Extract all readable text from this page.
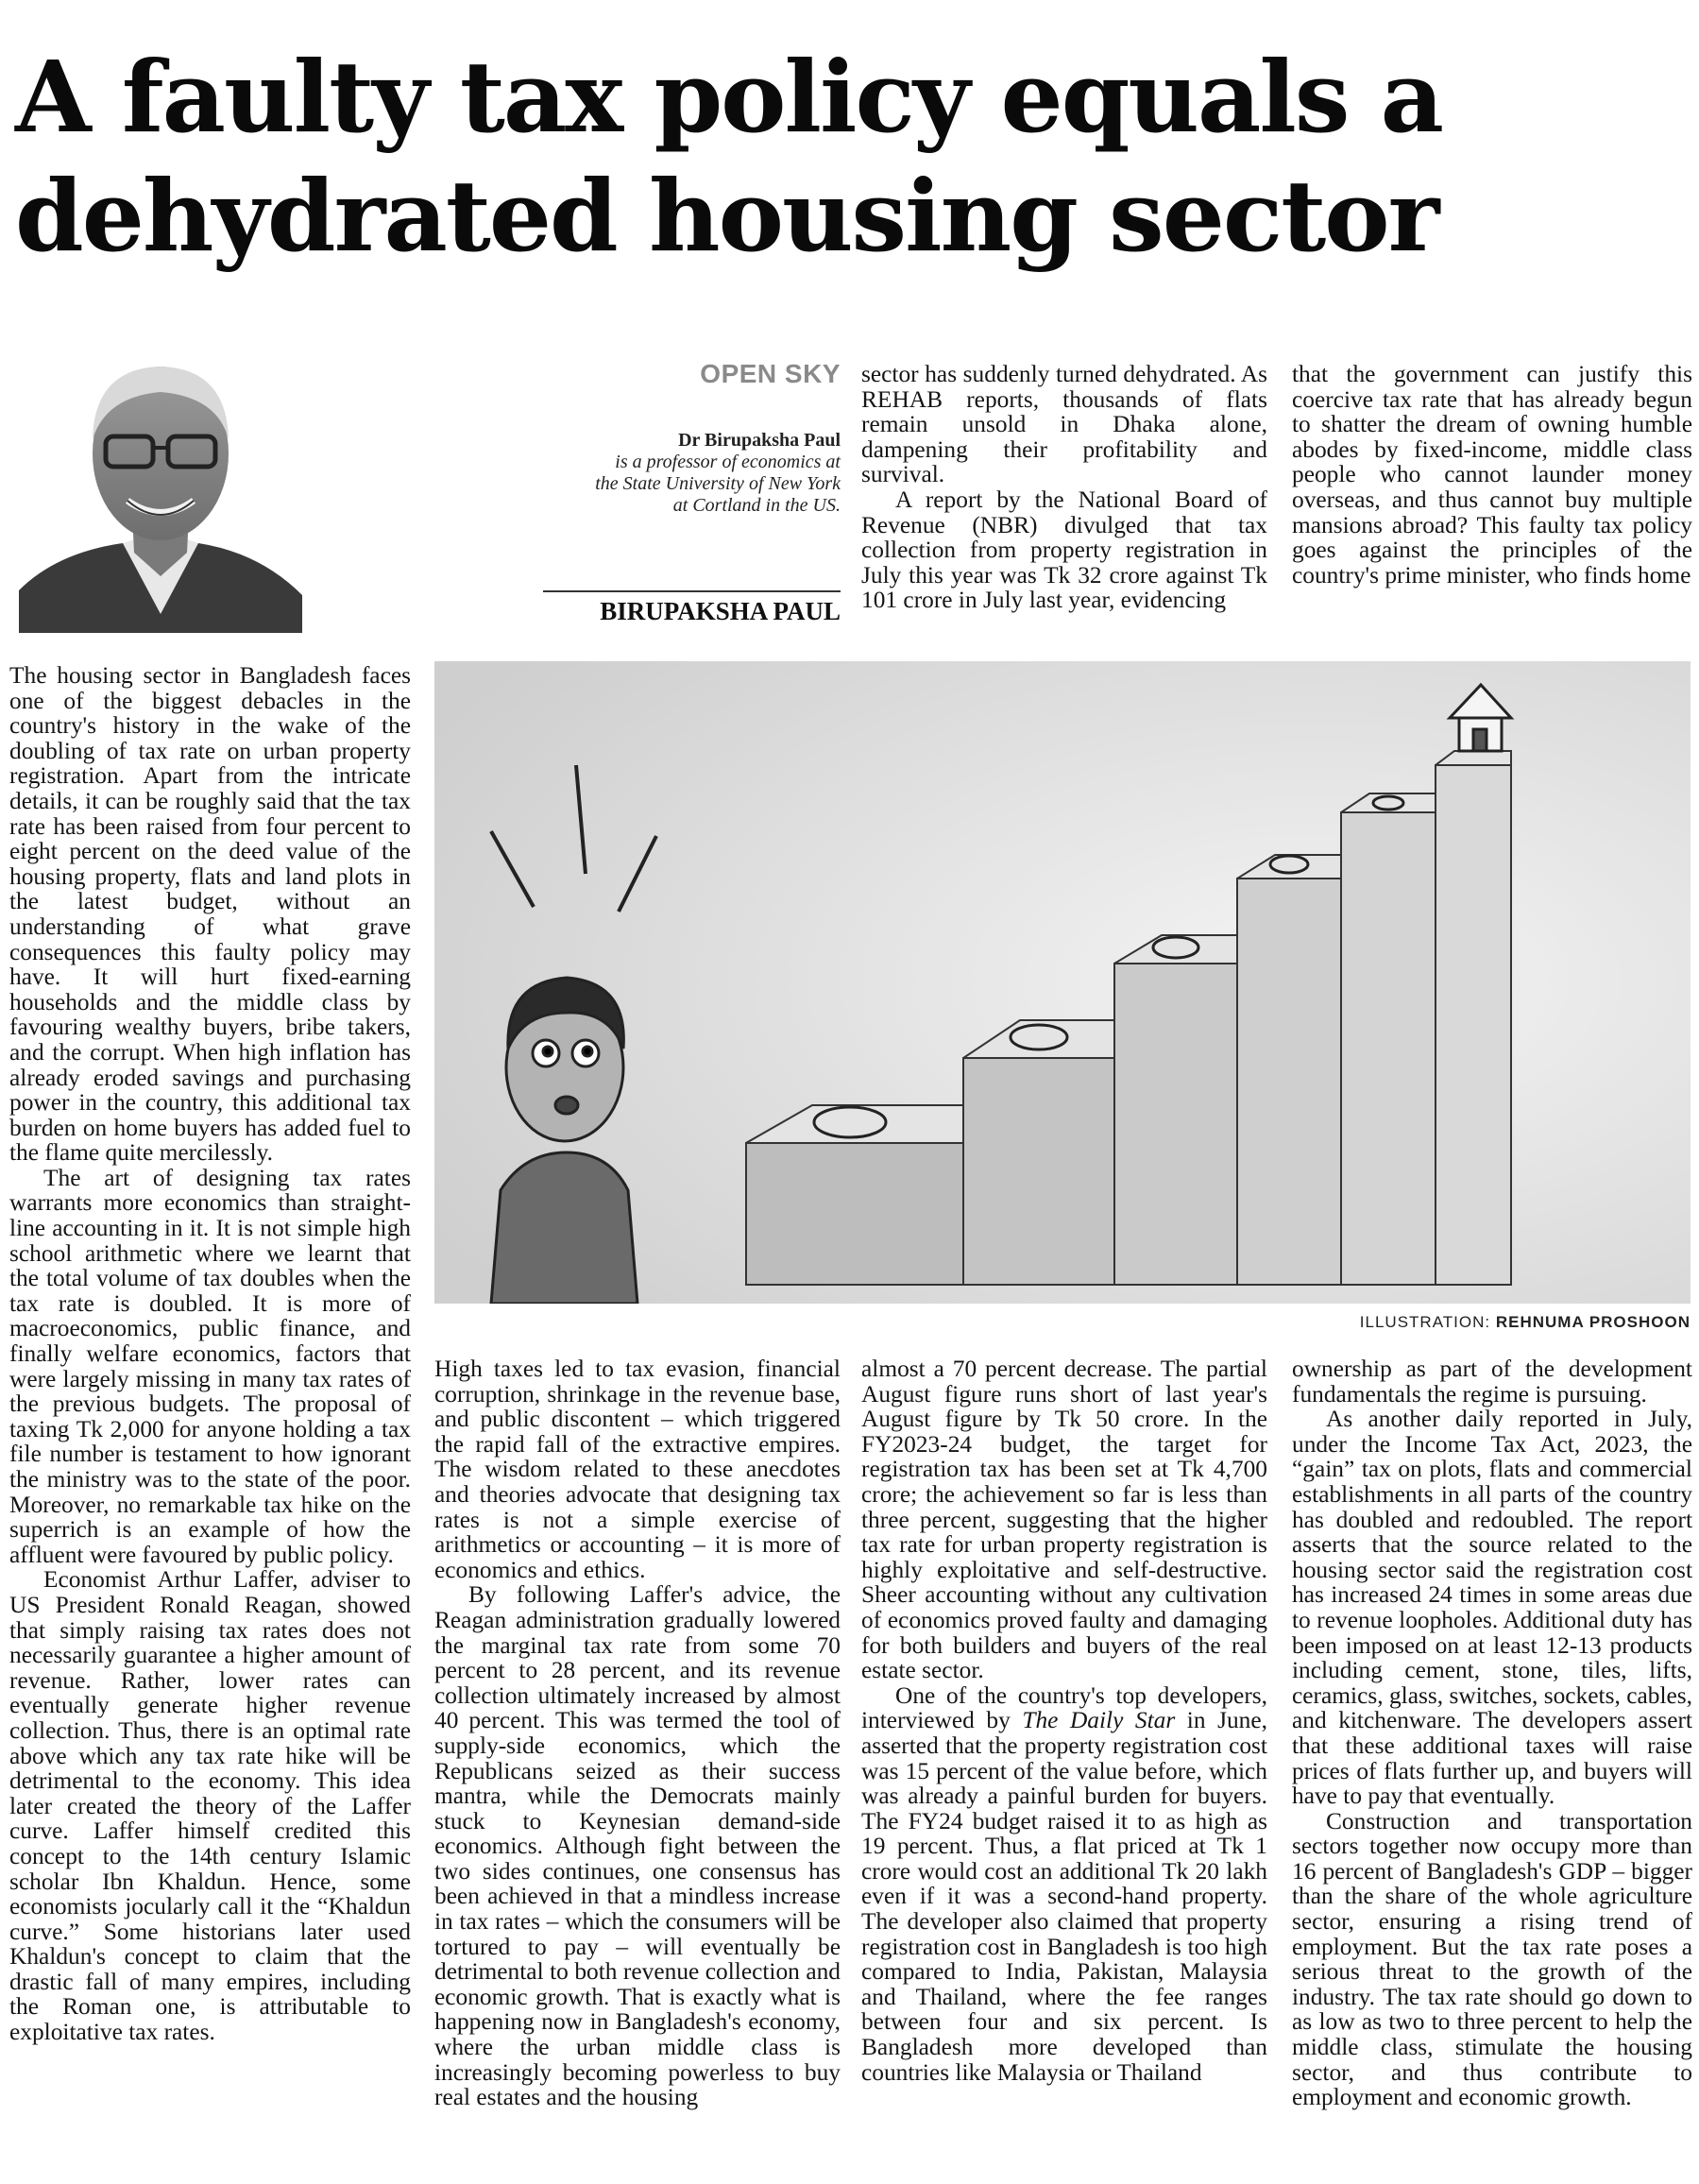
A faulty tax policy equals a
dehydrated housing sector
OPEN SKY
Dr Birupaksha Paul
is a professor of economics at
the State University of New York
at Cortland in the US.
BIRUPAKSHA PAUL

sector has suddenly turned dehydrated. As REHAB reports, thousands of flats remain unsold in Dhaka alone, dampening their profitability and survival.

A report by the National Board of Revenue (NBR) divulged that tax collection from property registration in July this year was Tk 32 crore against Tk 101 crore in July last year, evidencing

that the government can justify this coercive tax rate that has already begun to shatter the dream of owning humble abodes by fixed-income, middle class people who cannot launder money overseas, and thus cannot buy multiple mansions abroad? This faulty tax policy goes against the principles of the country's prime minister, who finds home

The housing sector in Bangladesh faces one of the biggest debacles in the country's history in the wake of the doubling of tax rate on urban property registration. Apart from the intricate details, it can be roughly said that the tax rate has been raised from four percent to eight percent on the deed value of the housing property, flats and land plots in the latest budget, without an understanding of what grave consequences this faulty policy may have. It will hurt fixed-earning households and the middle class by favouring wealthy buyers, bribe takers, and the corrupt. When high inflation has already eroded savings and purchasing power in the country, this additional tax burden on home buyers has added fuel to the flame quite mercilessly.

The art of designing tax rates warrants more economics than straight-line accounting in it. It is not simple high school arithmetic where we learnt that the total volume of tax doubles when the tax rate is doubled. It is more of macroeconomics, public finance, and finally welfare economics, factors that were largely missing in many tax rates of the previous budgets. The proposal of taxing Tk 2,000 for anyone holding a tax file number is testament to how ignorant the ministry was to the state of the poor. Moreover, no remarkable tax hike on the superrich is an example of how the affluent were favoured by public policy.

Economist Arthur Laffer, adviser to US President Ronald Reagan, showed that simply raising tax rates does not necessarily guarantee a higher amount of revenue. Rather, lower rates can eventually generate higher revenue collection. Thus, there is an optimal rate above which any tax rate hike will be detrimental to the economy. This idea later created the theory of the Laffer curve. Laffer himself credited this concept to the 14th century Islamic scholar Ibn Khaldun. Hence, some economists jocularly call it the “Khaldun curve.” Some historians later used Khaldun's concept to claim that the drastic fall of many empires, including the Roman one, is attributable to exploitative tax rates.

ILLUSTRATION: REHNUMA PROSHOON

High taxes led to tax evasion, financial corruption, shrinkage in the revenue base, and public discontent – which triggered the rapid fall of the extractive empires. The wisdom related to these anecdotes and theories advocate that designing tax rates is not a simple exercise of arithmetics or accounting – it is more of economics and ethics.

By following Laffer's advice, the Reagan administration gradually lowered the marginal tax rate from some 70 percent to 28 percent, and its revenue collection ultimately increased by almost 40 percent. This was termed the tool of supply-side economics, which the Republicans seized as their success mantra, while the Democrats mainly stuck to Keynesian demand-side economics. Although fight between the two sides continues, one consensus has been achieved in that a mindless increase in tax rates – which the consumers will be tortured to pay – will eventually be detrimental to both revenue collection and economic growth. That is exactly what is happening now in Bangladesh's economy, where the urban middle class is increasingly becoming powerless to buy real estates and the housing

almost a 70 percent decrease. The partial August figure runs short of last year's August figure by Tk 50 crore. In the FY2023-24 budget, the target for registration tax has been set at Tk 4,700 crore; the achievement so far is less than three percent, suggesting that the higher tax rate for urban property registration is highly exploitative and self-destructive. Sheer accounting without any cultivation of economics proved faulty and damaging for both builders and buyers of the real estate sector.

One of the country's top developers, interviewed by The Daily Star in June, asserted that the property registration cost was 15 percent of the value before, which was already a painful burden for buyers. The FY24 budget raised it to as high as 19 percent. Thus, a flat priced at Tk 1 crore would cost an additional Tk 20 lakh even if it was a second-hand property. The developer also claimed that property registration cost in Bangladesh is too high compared to India, Pakistan, Malaysia and Thailand, where the fee ranges between four and six percent. Is Bangladesh more developed than countries like Malaysia or Thailand

ownership as part of the development fundamentals the regime is pursuing.

As another daily reported in July, under the Income Tax Act, 2023, the “gain” tax on plots, flats and commercial establishments in all parts of the country has doubled and redoubled. The report asserts that the source related to the housing sector said the registration cost has increased 24 times in some areas due to revenue loopholes. Additional duty has been imposed on at least 12-13 products including cement, stone, tiles, lifts, ceramics, glass, switches, sockets, cables, and kitchenware. The developers assert that these additional taxes will raise prices of flats further up, and buyers will have to pay that eventually.

Construction and transportation sectors together now occupy more than 16 percent of Bangladesh's GDP – bigger than the share of the whole agriculture sector, ensuring a rising trend of employment. But the tax rate poses a serious threat to the growth of the industry. The tax rate should go down to as low as two to three percent to help the middle class, stimulate the housing sector, and thus contribute to employment and economic growth.
